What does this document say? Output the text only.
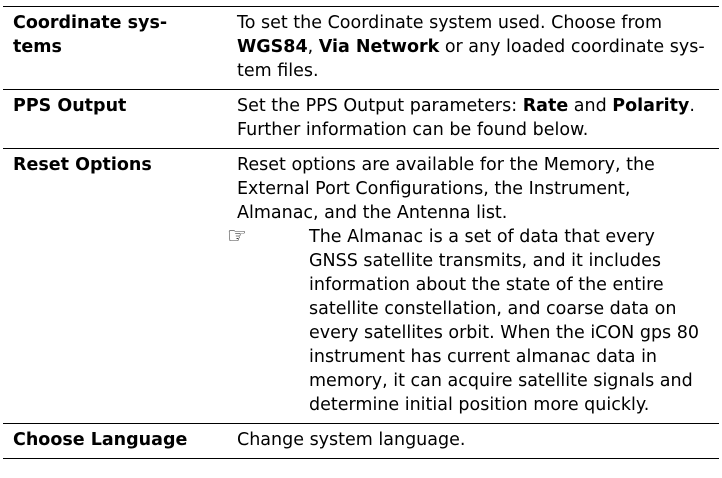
Coordinate sys-
tems	To set the Coordinate system used. Choose from WGS84, Via Network or any loaded coordinate sys-tem files.

PPS Output	Set the PPS Output parameters: Rate and Polarity. Further information can be found below.

Reset Options	Reset options are available for the Memory, the External Port Configurations, the Instrument, Almanac, and the Antenna list.
☞ The Almanac is a set of data that every GNSS satellite transmits, and it includes information about the state of the entire satellite constellation, and coarse data on every satellites orbit. When the iCON gps 80 instrument has current almanac data in memory, it can acquire satellite signals and determine initial position more quickly.

Choose Language	Change system language.
